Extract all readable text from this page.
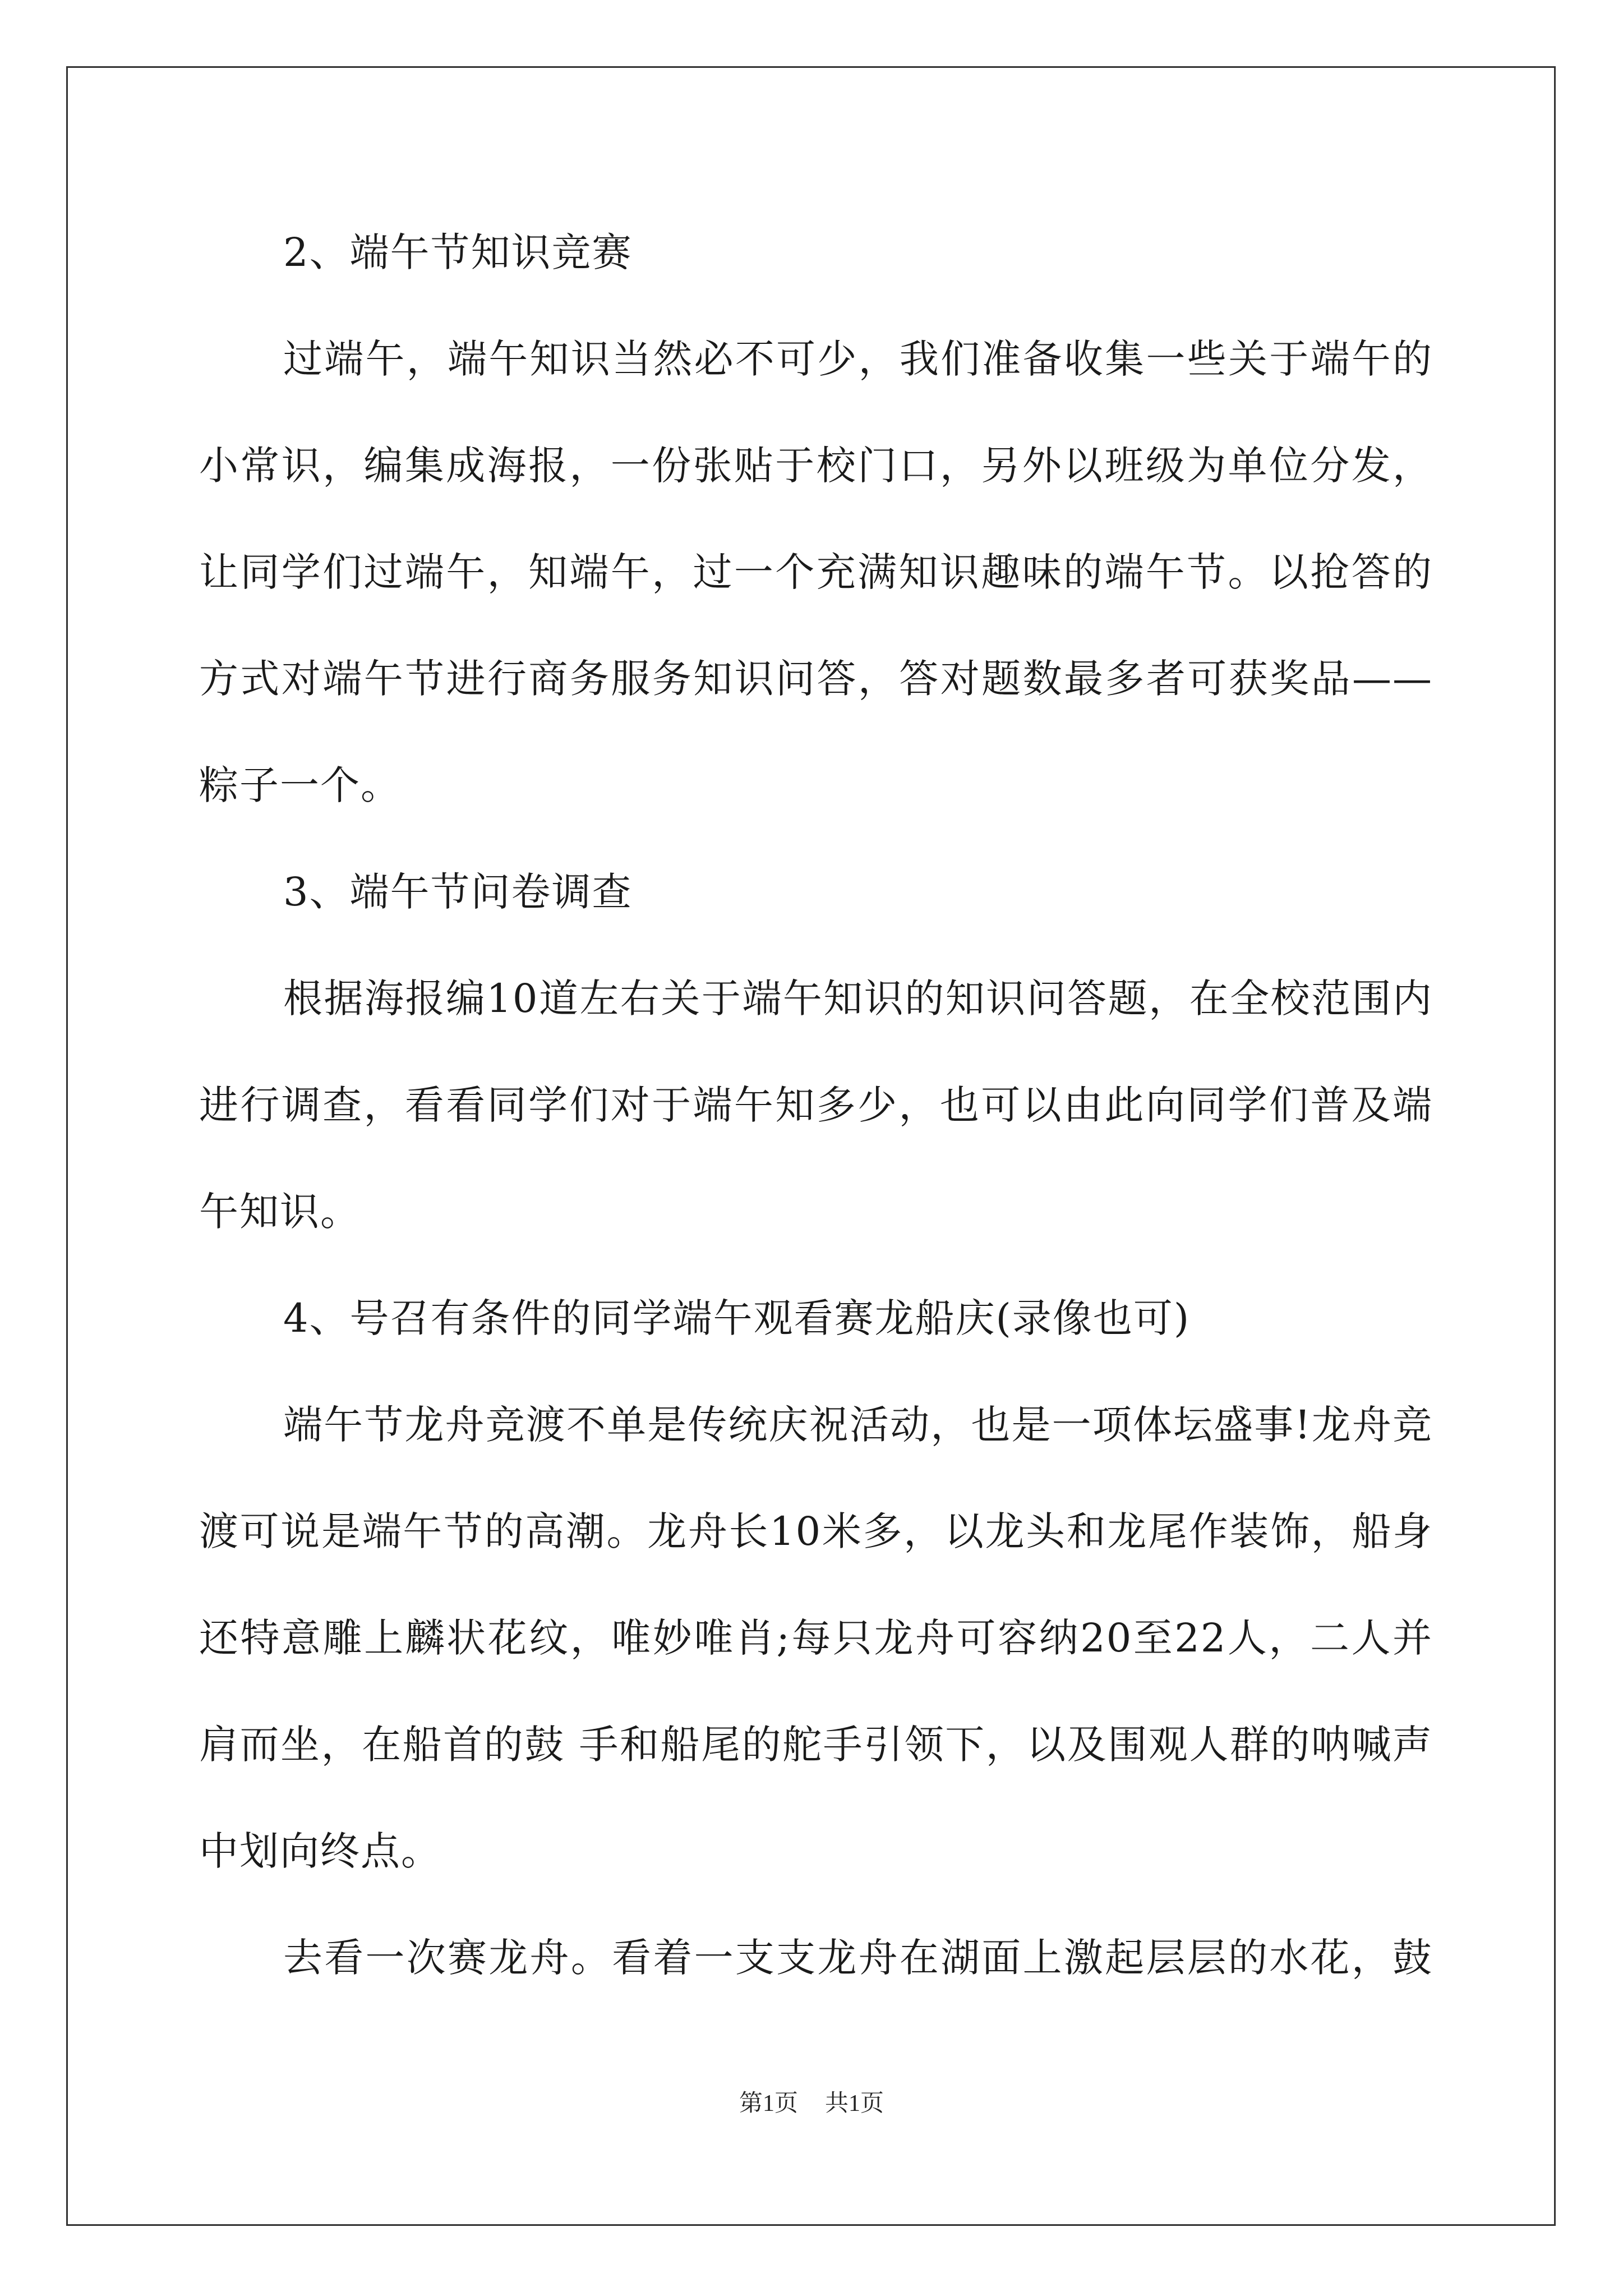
2、端午节知识竞赛
过端午，端午知识当然必不可少，我们准备收集一些关于端午的
小常识，编集成海报，一份张贴于校门口，另外以班级为单位分发，
让同学们过端午，知端午，过一个充满知识趣味的端午节。以抢答的
方式对端午节进行商务服务知识问答，答对题数最多者可获奖品——
粽子一个。
3、端午节问卷调查
根据海报编10道左右关于端午知识的知识问答题，在全校范围内
进行调查，看看同学们对于端午知多少，也可以由此向同学们普及端
午知识。
4、号召有条件的同学端午观看赛龙船庆(录像也可)
端午节龙舟竞渡不单是传统庆祝活动，也是一项体坛盛事!龙舟竞
渡可说是端午节的高潮。龙舟长10米多，以龙头和龙尾作装饰，船身
还特意雕上麟状花纹，唯妙唯肖;每只龙舟可容纳20至22人，二人并
肩而坐，在船首的鼓 手和船尾的舵手引领下，以及围观人群的呐喊声
中划向终点。
去看一次赛龙舟。看着一支支龙舟在湖面上激起层层的水花，鼓
第1页 共1页
